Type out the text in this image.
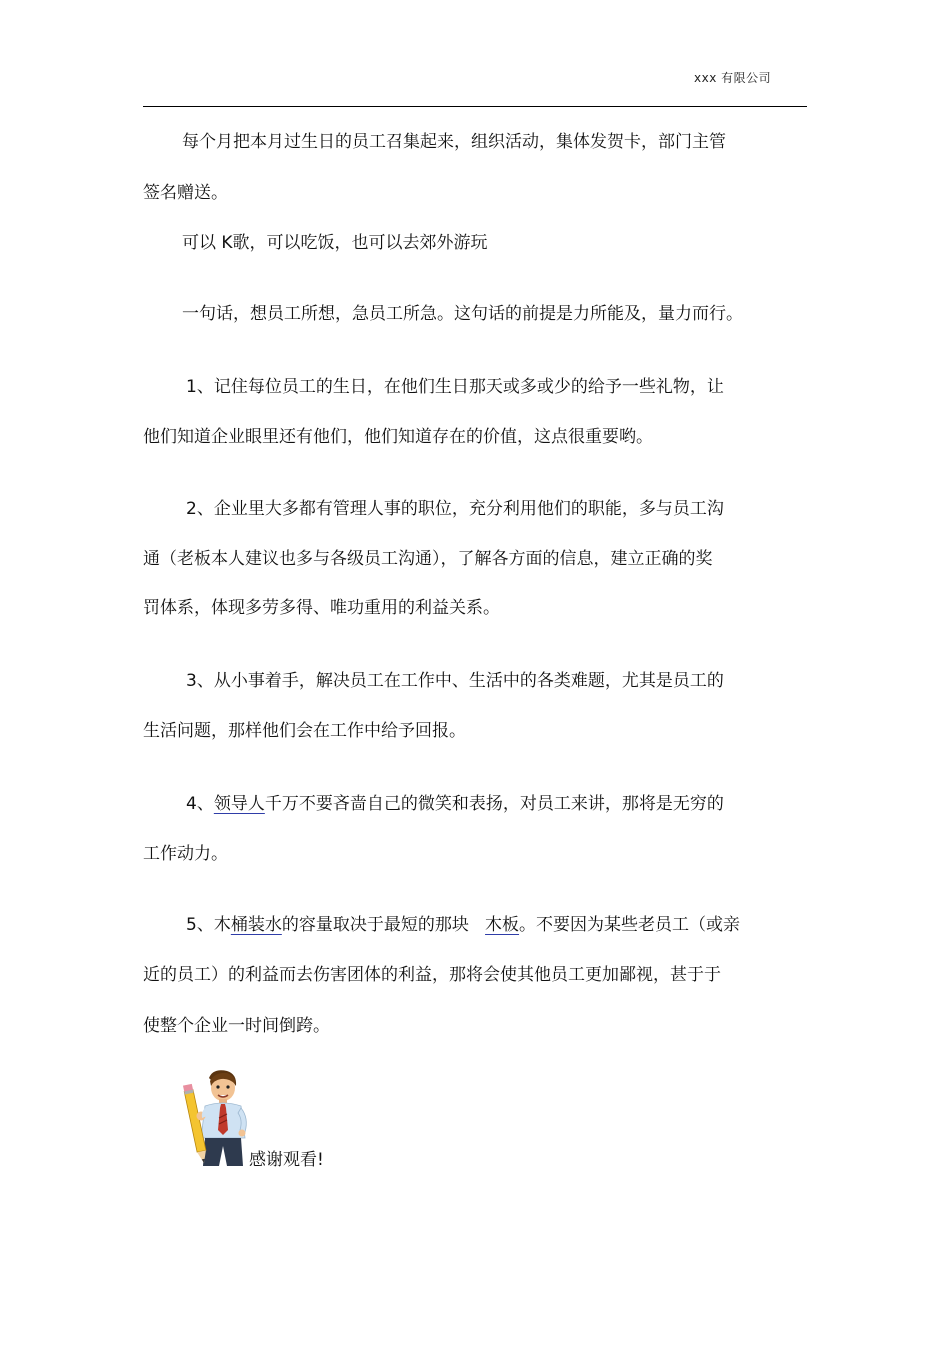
xxx 有限公司
每个月把本月过生日的员工召集起来，组织活动，集体发贺卡，部门主管
签名赠送。
可以 K歌，可以吃饭，也可以去郊外游玩
一句话，想员工所想，急员工所急。这句话的前提是力所能及，量力而行。
1、记住每位员工的生日，在他们生日那天或多或少的给予一些礼物，让
他们知道企业眼里还有他们，他们知道存在的价值，这点很重要哟。
2、企业里大多都有管理人事的职位，充分利用他们的职能，多与员工沟
通（老板本人建议也多与各级员工沟通），了解各方面的信息，建立正确的奖
罚体系，体现多劳多得、唯功重用的利益关系。
3、从小事着手，解决员工在工作中、生活中的各类难题，尤其是员工的
生活问题，那样他们会在工作中给予回报。
4、领导人千万不要吝啬自己的微笑和表扬，对员工来讲，那将是无穷的
工作动力。
5、木桶装水的容量取决于最短的那块 木板。不要因为某些老员工（或亲
近的员工）的利益而去伤害团体的利益，那将会使其他员工更加鄙视，甚于于
使整个企业一时间倒跨。
感谢观看!
